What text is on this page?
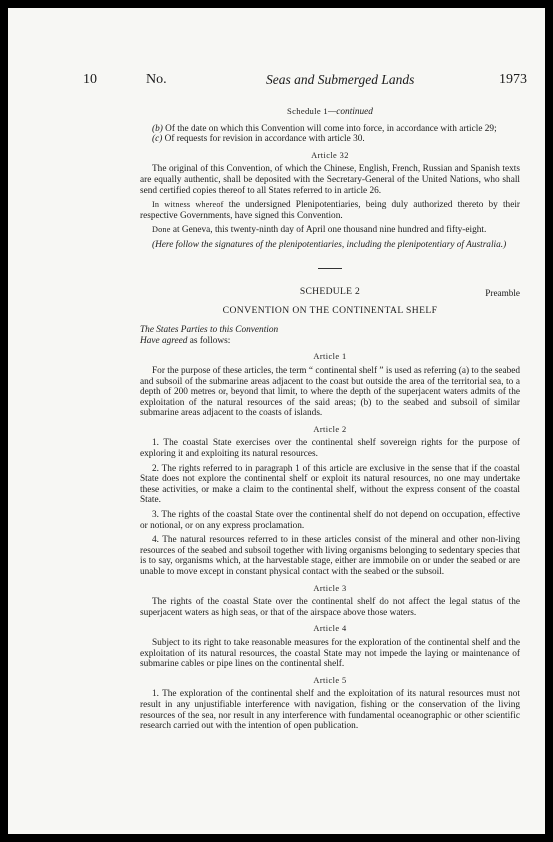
10	No.	Seas and Submerged Lands	1973
Schedule 1—continued
(b) Of the date on which this Convention will come into force, in accordance with article 29;
(c) Of requests for revision in accordance with article 30.
Article 32

The original of this Convention, of which the Chinese, English, French, Russian and Spanish texts are equally authentic, shall be deposited with the Secretary-General of the United Nations, who shall send certified copies thereof to all States referred to in article 26.

In witness whereof the undersigned Plenipotentiaries, being duly authorized thereto by their respective Governments, have signed this Convention.

Done at Geneva, this twenty-ninth day of April one thousand nine hundred and fifty-eight.

(Here follow the signatures of the plenipotentiaries, including the plenipotentiary of Australia.)

SCHEDULE 2	Preamble
CONVENTION ON THE CONTINENTAL SHELF

The States Parties to this Convention

Have agreed as follows:

Article 1

For the purpose of these articles, the term “ continental shelf ” is used as referring (a) to the seabed and subsoil of the submarine areas adjacent to the coast but outside the area of the territorial sea, to a depth of 200 metres or, beyond that limit, to where the depth of the superjacent waters admits of the exploitation of the natural resources of the said areas; (b) to the seabed and subsoil of similar submarine areas adjacent to the coasts of islands.

Article 2

1. The coastal State exercises over the continental shelf sovereign rights for the purpose of exploring it and exploiting its natural resources.

2. The rights referred to in paragraph 1 of this article are exclusive in the sense that if the coastal State does not explore the continental shelf or exploit its natural resources, no one may undertake these activities, or make a claim to the continental shelf, without the express consent of the coastal State.

3. The rights of the coastal State over the continental shelf do not depend on occupation, effective or notional, or on any express proclamation.

4. The natural resources referred to in these articles consist of the mineral and other non-living resources of the seabed and subsoil together with living organisms belonging to sedentary species that is to say, organisms which, at the harvestable stage, either are immobile on or under the seabed or are unable to move except in constant physical contact with the seabed or the subsoil.

Article 3

The rights of the coastal State over the continental shelf do not affect the legal status of the superjacent waters as high seas, or that of the airspace above those waters.

Article 4

Subject to its right to take reasonable measures for the exploration of the continental shelf and the exploitation of its natural resources, the coastal State may not impede the laying or maintenance of submarine cables or pipe lines on the continental shelf.

Article 5

1. The exploration of the continental shelf and the exploitation of its natural resources must not result in any unjustifiable interference with navigation, fishing or the conservation of the living resources of the sea, nor result in any interference with fundamental oceanographic or other scientific research carried out with the intention of open publication.
